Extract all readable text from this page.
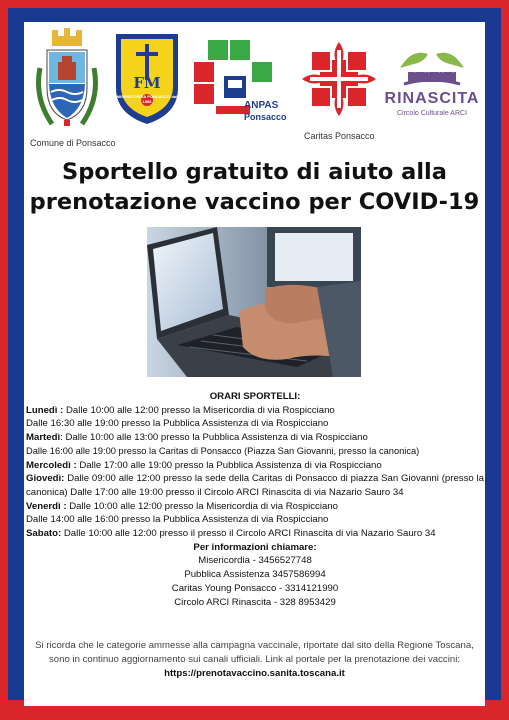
Comune di Ponsacco
FM
MISERICORDIA PONSACCO dal 1886	ANPAS
Ponsacco
Caritas Ponsacco
RINASCITA
Circolo Culturale ARCI
Sportello gratuito di aiuto alla
prenotazione vaccino per COVID-19
ORARI SPORTELLI:
Lunedì : Dalle 10:00 alle 12:00 presso la Misericordia di via Rospicciano
Dalle 16:30 alle 19:00 presso la Pubblica Assistenza di via Rospicciano
Martedì: Dalle 10:00 alle 13:00 presso la Pubblica Assistenza di via Rospicciano
Dalle 16:00 alle 19:00 presso la Caritas di Ponsacco (Piazza San Giovanni, presso la canonica)
Mercoledì : Dalle 17:00 alle 19:00 presso la Pubblica Assistenza di via Rospicciano
Giovedì: Dalle 09:00 alle 12:00 presso la sede della Caritas di Ponsacco di piazza San Giovanni (presso la canonica) Dalle 17:00 alle 19:00 presso il Circolo ARCI Rinascita di via Nazario Sauro 34
Venerdì : Dalle 10:00 alle 12:00 presso la Misericordia di via Rospicciano
Dalle 14:00 alle 16:00 presso la Pubblica Assistenza di via Rospicciano
Sabato: Dalle 10:00 alle 12:00 presso il presso il Circolo ARCI Rinascita di via Nazario Sauro 34
Per informazioni chiamare:
Misericordia - 3456527748
Pubblica Assistenza 3457586994
Caritas Young Ponsacco - 3314121990
Circolo ARCI Rinascita - 328 8953429
Si ricorda che le categorie ammesse alla campagna vaccinale, riportate dal sito della Regione Toscana, sono in continuo aggiornamento sui canali ufficiali. Link al portale per la prenotazione dei vaccini: https://prenotavaccino.sanita.toscana.it
